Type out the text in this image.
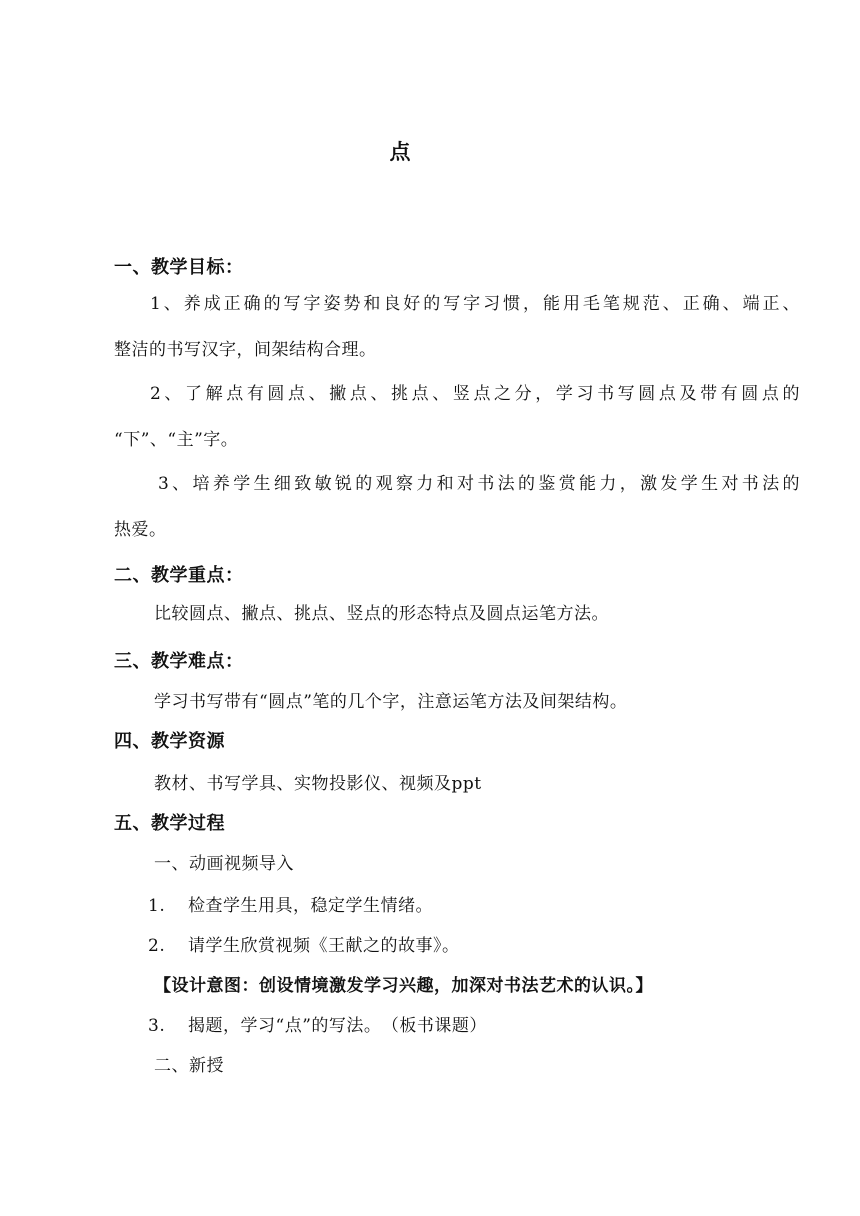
点
一、教学目标：
1、养成正确的写字姿势和良好的写字习惯，能用毛笔规范、正确、端正、
整洁的书写汉字，间架结构合理。
2、了解点有圆点、撇点、挑点、竖点之分，学习书写圆点及带有圆点的
“下”、“主”字。
3、培养学生细致敏锐的观察力和对书法的鉴赏能力，激发学生对书法的
热爱。
二、教学重点：
比较圆点、撇点、挑点、竖点的形态特点及圆点运笔方法。
三、教学难点：
学习书写带有“圆点”笔的几个字，注意运笔方法及间架结构。
四、教学资源
教材、书写学具、实物投影仪、视频及ppt
五、教学过程
一、动画视频导入
1. 检查学生用具，稳定学生情绪。
2. 请学生欣赏视频《王献之的故事》。
【设计意图：创设情境激发学习兴趣，加深对书法艺术的认识。】
3. 揭题，学习“点”的写法。　（板书课题）
二、新授
